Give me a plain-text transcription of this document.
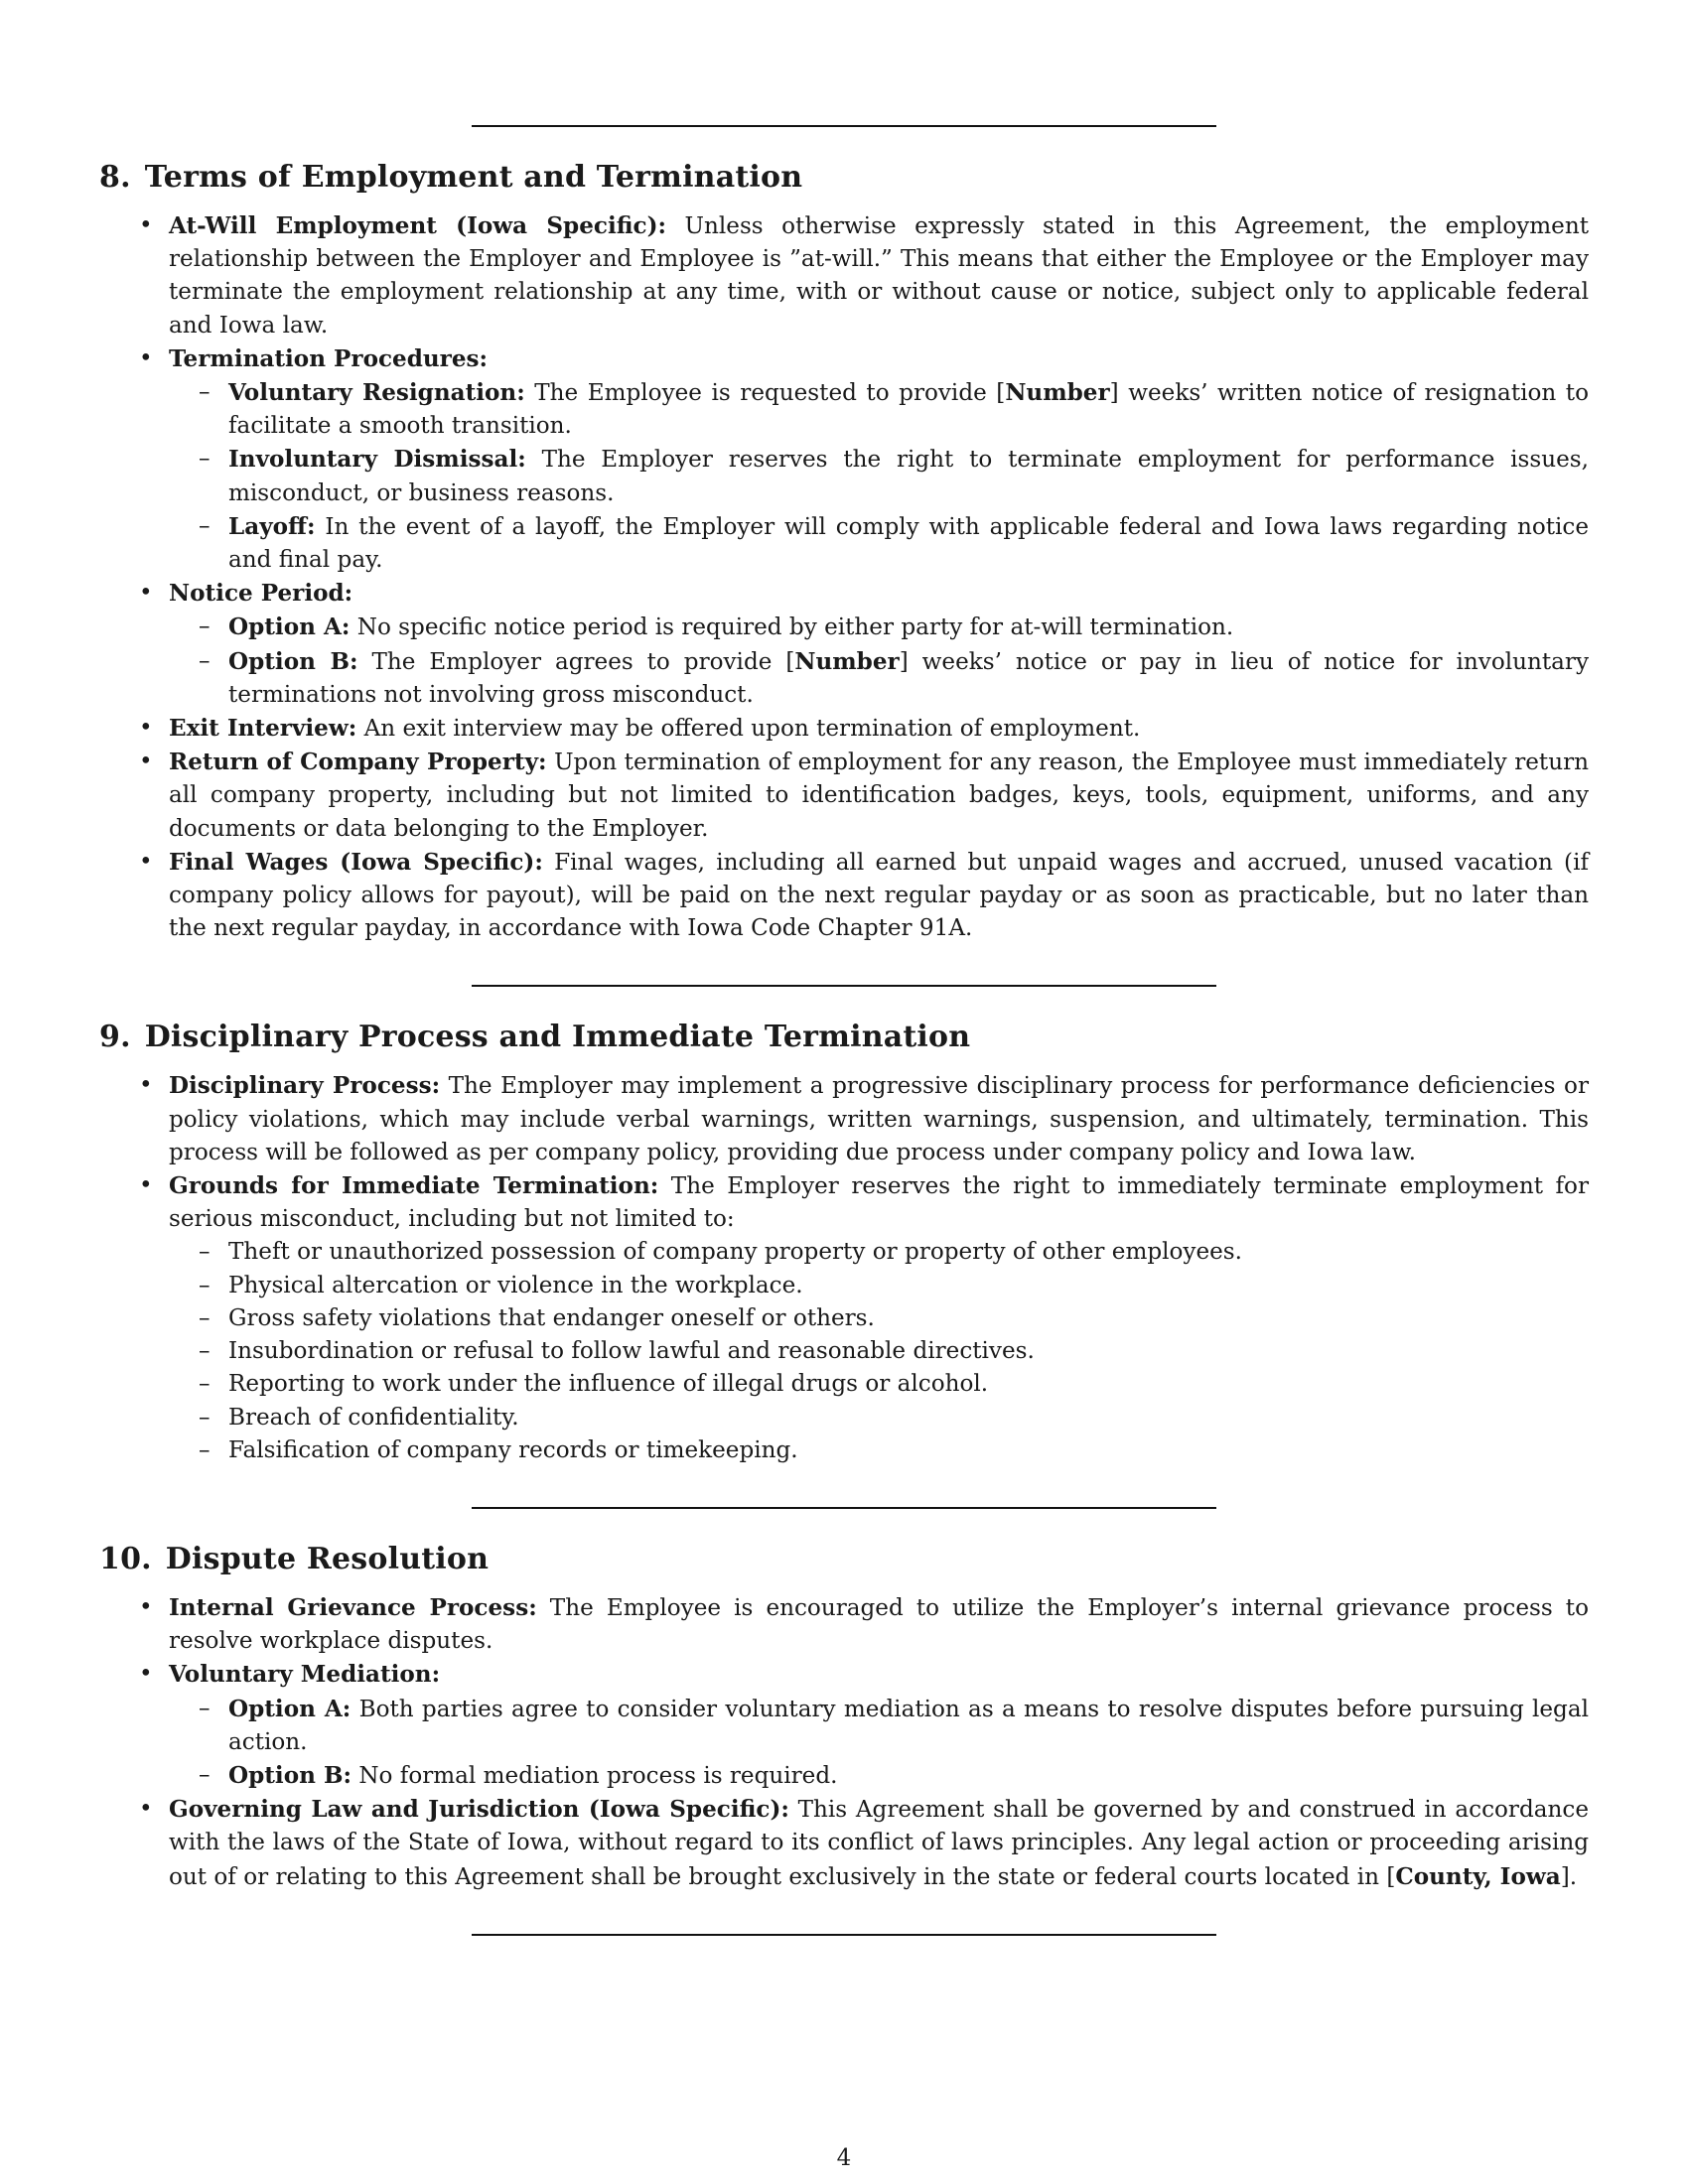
8. Terms of Employment and Termination
• At-Will Employment (Iowa Specific): Unless otherwise expressly stated in this Agreement, the employment relationship between the Employer and Employee is ”at-will.” This means that either the Employee or the Employer may terminate the employment relationship at any time, with or without cause or notice, subject only to applicable federal and Iowa law.
• Termination Procedures:
– Voluntary Resignation: The Employee is requested to provide [Number] weeks’ written notice of resignation to facilitate a smooth transition.
– Involuntary Dismissal: The Employer reserves the right to terminate employment for performance issues, misconduct, or business reasons.
– Layoff: In the event of a layoff, the Employer will comply with applicable federal and Iowa laws regarding notice and final pay.
• Notice Period:
– Option A: No specific notice period is required by either party for at-will termination.
– Option B: The Employer agrees to provide [Number] weeks’ notice or pay in lieu of notice for involuntary terminations not involving gross misconduct.
• Exit Interview: An exit interview may be offered upon termination of employment.
• Return of Company Property: Upon termination of employment for any reason, the Employee must immediately return all company property, including but not limited to identification badges, keys, tools, equipment, uniforms, and any documents or data belonging to the Employer.
• Final Wages (Iowa Specific): Final wages, including all earned but unpaid wages and accrued, unused vacation (if company policy allows for payout), will be paid on the next regular payday or as soon as practicable, but no later than the next regular payday, in accordance with Iowa Code Chapter 91A.
9. Disciplinary Process and Immediate Termination
• Disciplinary Process: The Employer may implement a progressive disciplinary process for performance deficiencies or policy violations, which may include verbal warnings, written warnings, suspension, and ultimately, termination. This process will be followed as per company policy, providing due process under company policy and Iowa law.
• Grounds for Immediate Termination: The Employer reserves the right to immediately terminate employment for serious misconduct, including but not limited to:
– Theft or unauthorized possession of company property or property of other employees.
– Physical altercation or violence in the workplace.
– Gross safety violations that endanger oneself or others.
– Insubordination or refusal to follow lawful and reasonable directives.
– Reporting to work under the influence of illegal drugs or alcohol.
– Breach of confidentiality.
– Falsification of company records or timekeeping.
10. Dispute Resolution
• Internal Grievance Process: The Employee is encouraged to utilize the Employer’s internal grievance process to resolve workplace disputes.
• Voluntary Mediation:
– Option A: Both parties agree to consider voluntary mediation as a means to resolve disputes before pursuing legal action.
– Option B: No formal mediation process is required.
• Governing Law and Jurisdiction (Iowa Specific): This Agreement shall be governed by and construed in accordance with the laws of the State of Iowa, without regard to its conflict of laws principles. Any legal action or proceeding arising out of or relating to this Agreement shall be brought exclusively in the state or federal courts located in [County, Iowa].
4
